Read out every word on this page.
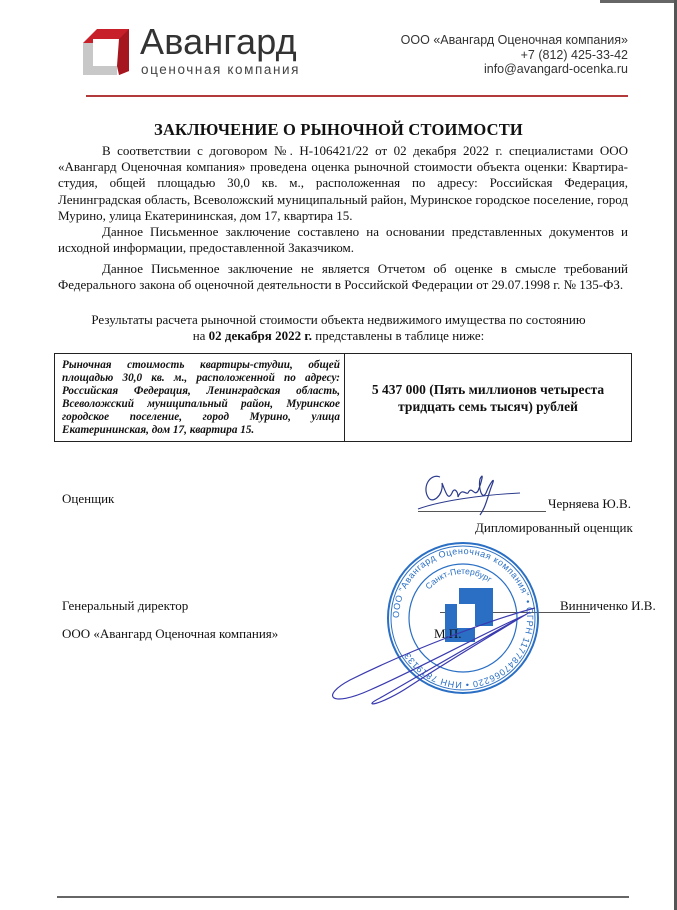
Авангард
оценочная компания
ООО «Авангард Оценочная компания»
+7 (812) 425-33-42
info@avangard-ocenka.ru
ЗАКЛЮЧЕНИЕ О РЫНОЧНОЙ СТОИМОСТИ
В соответствии с договором №. Н-106421/22 от 02 декабря 2022 г. специалистами ООО «Авангард Оценочная компания» проведена оценка рыночной стоимости объекта оценки: Квартира-студия, общей площадью 30,0 кв. м., расположенная по адресу: Российская Федерация, Ленинградская область, Всеволожский муниципальный район, Муринское городское поселение, город Мурино, улица Екатерининская, дом 17, квартира 15.
Данное Письменное заключение составлено на основании представленных документов и исходной информации, предоставленной Заказчиком.
Данное Письменное заключение не является Отчетом об оценке в смысле требований Федерального закона об оценочной деятельности в Российской Федерации от 29.07.1998 г. № 135-ФЗ.
Результаты расчета рыночной стоимости объекта недвижимого имущества по состоянию
на 02 декабря 2022 г. представлены в таблице ниже:
Рыночная стоимость квартиры-студии, общей площадью 30,0 кв. м., расположенной по адресу: Российская Федерация, Ленинградская область, Всеволожский муниципальный район, Муринское городское поселение, город Мурино, улица Екатерининская, дом 17, квартира 15.
5 437 000 (Пять миллионов четыреста тридцать семь тысяч) рублей
Оценщик	Черняева Ю.В.
Дипломированный оценщик
Генеральный директор
ООО «Авангард Оценочная компания»
Винниченко И.В.
ООО "Авангард Оценочная компания" • ОГРН 1177847066220 • ИНН 7819133
Санкт-Петербург
М.П.
